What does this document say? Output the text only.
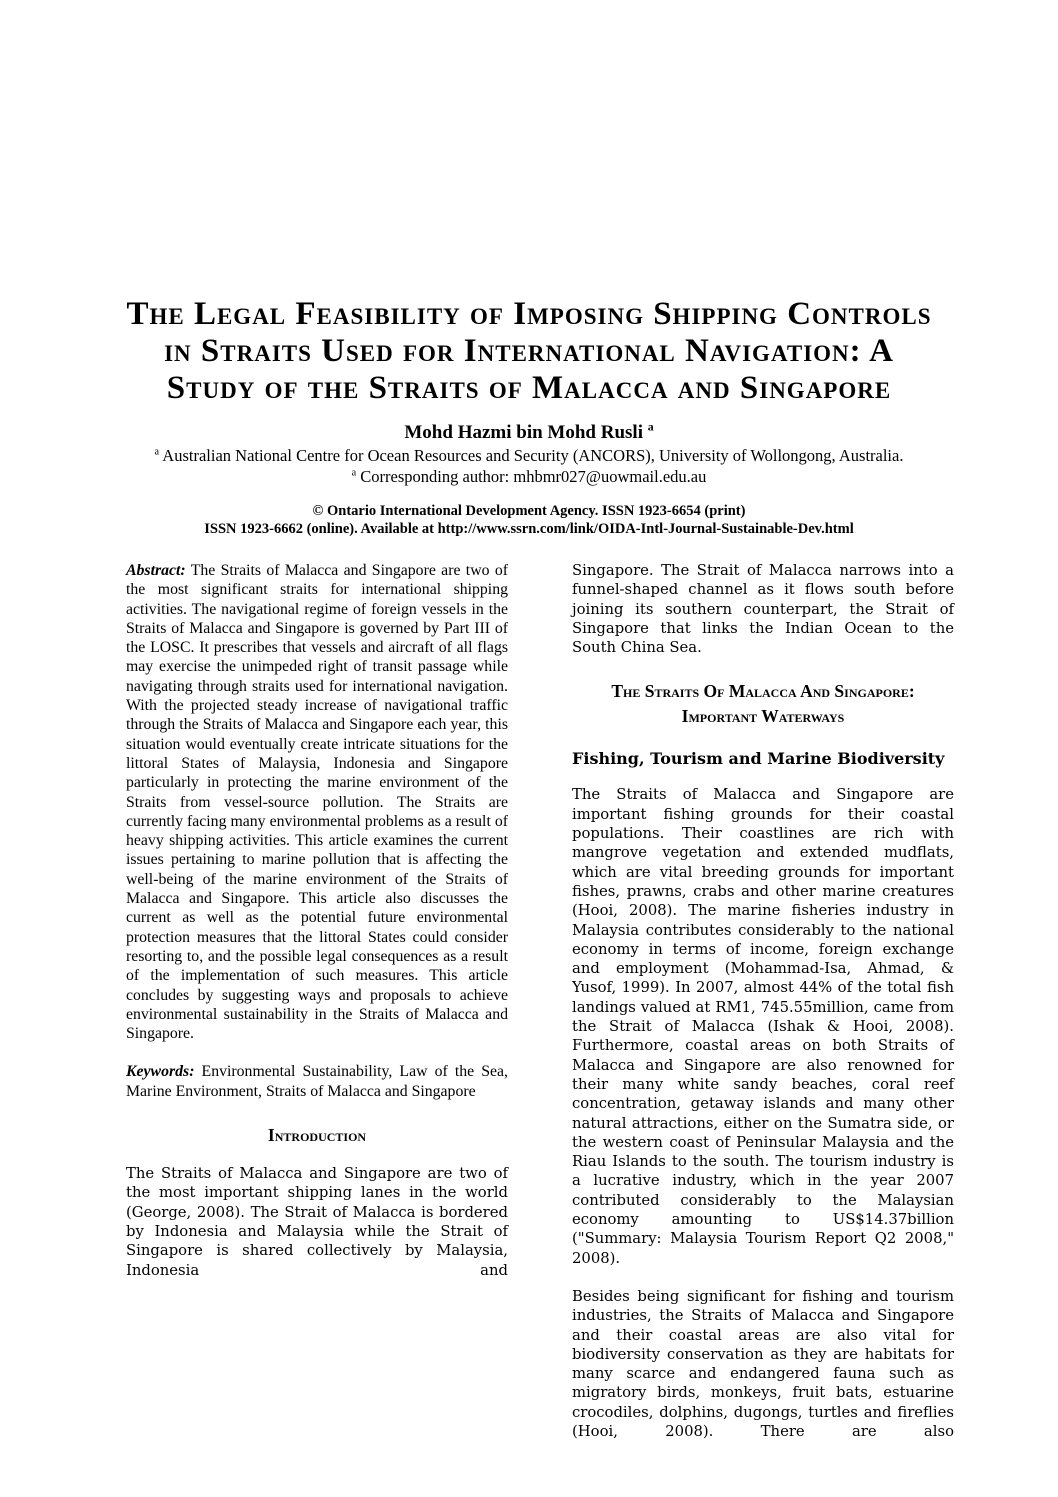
The Legal Feasibility of Imposing Shipping Controls
in Straits Used for International Navigation: A
Study of the Straits of Malacca and Singapore
Mohd Hazmi bin Mohd Rusli $^a$
$^a$ Australian National Centre for Ocean Resources and Security (ANCORS), University of Wollongong, Australia.
$^a$ Corresponding author: mhbmr027@uowmail.edu.au
© Ontario International Development Agency. ISSN 1923-6654 (print)
ISSN 1923-6662 (online). Available at http://www.ssrn.com/link/OIDA-Intl-Journal-Sustainable-Dev.html

Abstract: The Straits of Malacca and Singapore are two of the most significant straits for international shipping activities. The navigational regime of foreign vessels in the Straits of Malacca and Singapore is governed by Part III of the LOSC. It prescribes that vessels and aircraft of all flags may exercise the unimpeded right of transit passage while navigating through straits used for international navigation. With the projected steady increase of navigational traffic through the Straits of Malacca and Singapore each year, this situation would eventually create intricate situations for the littoral States of Malaysia, Indonesia and Singapore particularly in protecting the marine environment of the Straits from vessel-source pollution. The Straits are currently facing many environmental problems as a result of heavy shipping activities. This article examines the current issues pertaining to marine pollution that is affecting the well-being of the marine environment of the Straits of Malacca and Singapore. This article also discusses the current as well as the potential future environmental protection measures that the littoral States could consider resorting to, and the possible legal consequences as a result of the implementation of such measures. This article concludes by suggesting ways and proposals to achieve environmental sustainability in the Straits of Malacca and Singapore.

Keywords: Environmental Sustainability, Law of the Sea, Marine Environment, Straits of Malacca and Singapore

Introduction

The Straits of Malacca and Singapore are two of the most important shipping lanes in the world (George, 2008). The Strait of Malacca is bordered by Indonesia and Malaysia while the Strait of Singapore is shared collectively by Malaysia, Indonesia and

Singapore. The Strait of Malacca narrows into a funnel-shaped channel as it flows south before joining its southern counterpart, the Strait of Singapore that links the Indian Ocean to the South China Sea.

The Straits Of Malacca And Singapore:
Important Waterways
Fishing, Tourism and Marine Biodiversity

The Straits of Malacca and Singapore are important fishing grounds for their coastal populations. Their coastlines are rich with mangrove vegetation and extended mudflats, which are vital breeding grounds for important fishes, prawns, crabs and other marine creatures (Hooi, 2008). The marine fisheries industry in Malaysia contributes considerably to the national economy in terms of income, foreign exchange and employment (Mohammad-Isa, Ahmad, & Yusof, 1999). In 2007, almost 44% of the total fish landings valued at RM1, 745.55million, came from the Strait of Malacca (Ishak & Hooi, 2008). Furthermore, coastal areas on both Straits of Malacca and Singapore are also renowned for their many white sandy beaches, coral reef concentration, getaway islands and many other natural attractions, either on the Sumatra side, or the western coast of Peninsular Malaysia and the Riau Islands to the south. The tourism industry is a lucrative industry, which in the year 2007 contributed considerably to the Malaysian economy amounting to US$14.37billion ("Summary: Malaysia Tourism Report Q2 2008," 2008).

Besides being significant for fishing and tourism industries, the Straits of Malacca and Singapore and their coastal areas are also vital for biodiversity conservation as they are habitats for many scarce and endangered fauna such as migratory birds, monkeys, fruit bats, estuarine crocodiles, dolphins, dugongs, turtles and fireflies (Hooi, 2008). There are also
